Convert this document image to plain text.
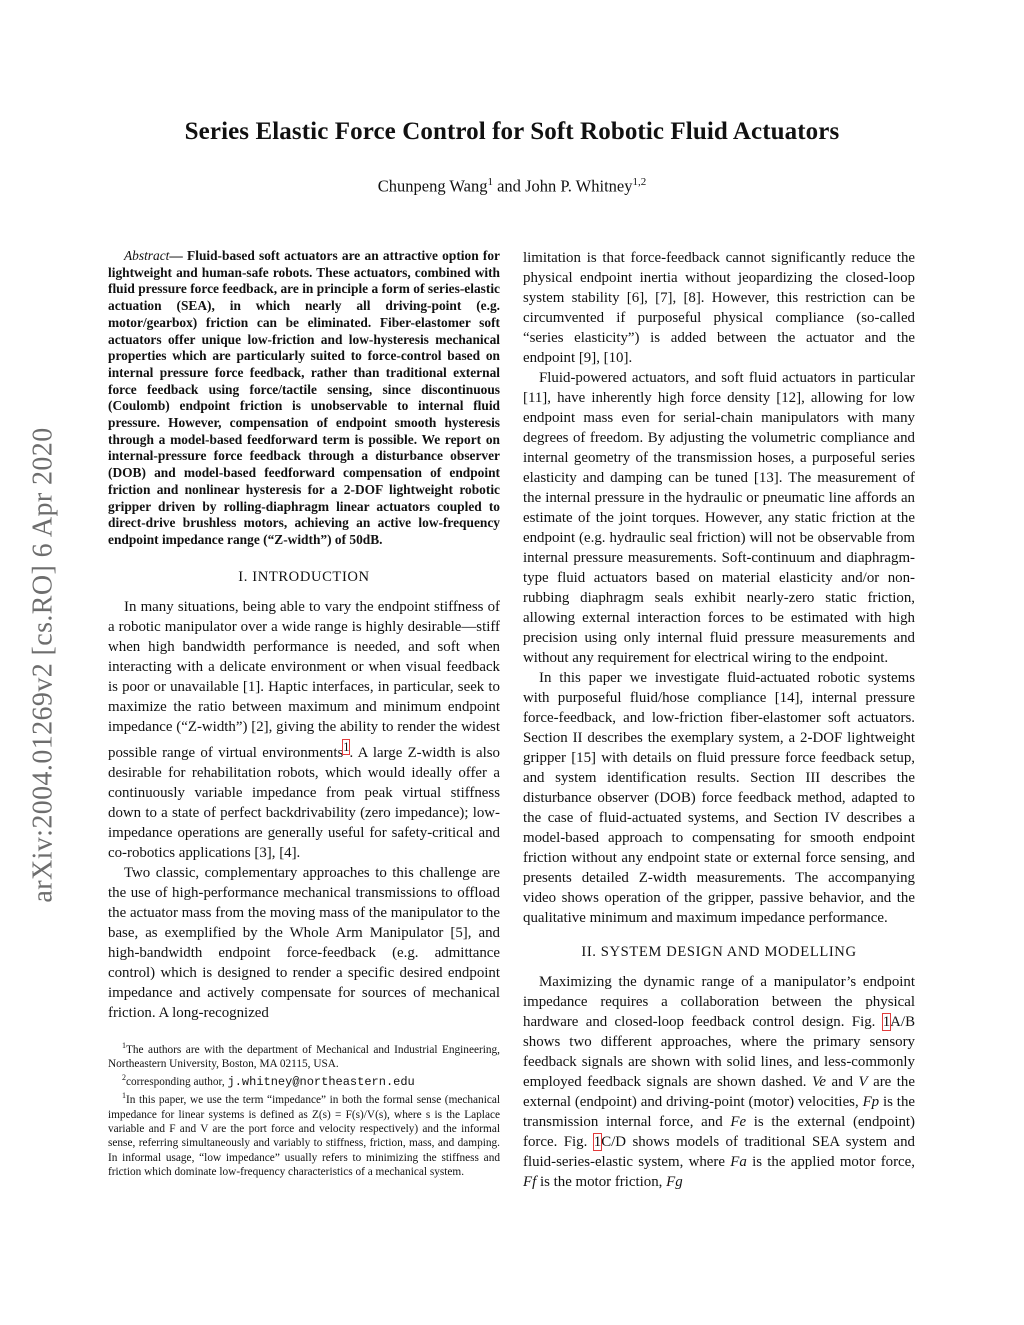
arXiv:2004.01269v2 [cs.RO] 6 Apr 2020
Series Elastic Force Control for Soft Robotic Fluid Actuators
Chunpeng Wang$^1$ and John P. Whitney$^{1,2}$

Abstract— Fluid-based soft actuators are an attractive option for lightweight and human-safe robots. These actuators, combined with fluid pressure force feedback, are in principle a form of series-elastic actuation (SEA), in which nearly all driving-point (e.g. motor/gearbox) friction can be eliminated. Fiber-elastomer soft actuators offer unique low-friction and low-hysteresis mechanical properties which are particularly suited to force-control based on internal pressure force feedback, rather than traditional external force feedback using force/tactile sensing, since discontinuous (Coulomb) endpoint friction is unobservable to internal fluid pressure. However, compensation of endpoint smooth hysteresis through a model-based feedforward term is possible. We report on internal-pressure force feedback through a disturbance observer (DOB) and model-based feedforward compensation of endpoint friction and nonlinear hysteresis for a 2-DOF lightweight robotic gripper driven by rolling-diaphragm linear actuators coupled to direct-drive brushless motors, achieving an active low-frequency endpoint impedance range (“Z-width”) of 50dB.

I. INTRODUCTION

In many situations, being able to vary the endpoint stiffness of a robotic manipulator over a wide range is highly desirable—stiff when high bandwidth performance is needed, and soft when interacting with a delicate environment or when visual feedback is poor or unavailable [1]. Haptic interfaces, in particular, seek to maximize the ratio between maximum and minimum endpoint impedance (“Z-width”) [2], giving the ability to render the widest possible range of virtual environments$^1$. A large Z-width is also desirable for rehabilitation robots, which would ideally offer a continuously variable impedance from peak virtual stiffness down to a state of perfect backdrivability (zero impedance); low-impedance operations are generally useful for safety-critical and co-robotics applications [3], [4].

Two classic, complementary approaches to this challenge are the use of high-performance mechanical transmissions to offload the actuator mass from the moving mass of the manipulator to the base, as exemplified by the Whole Arm Manipulator [5], and high-bandwidth endpoint force-feedback (e.g. admittance control) which is designed to render a specific desired endpoint impedance and actively compensate for sources of mechanical friction. A long-recognized

$^1$The authors are with the department of Mechanical and Industrial Engineering, Northeastern University, Boston, MA 02115, USA.

$^2$corresponding author, j.whitney@northeastern.edu

$^1$In this paper, we use the term “impedance” in both the formal sense (mechanical impedance for linear systems is defined as Z(s) = F(s)/V(s), where s is the Laplace variable and F and V are the port force and velocity respectively) and the informal sense, referring simultaneously and variably to stiffness, friction, mass, and damping. In informal usage, “low impedance” usually refers to minimizing the stiffness and friction which dominate low-frequency characteristics of a mechanical system.

limitation is that force-feedback cannot significantly reduce the physical endpoint inertia without jeopardizing the closed-loop system stability [6], [7], [8]. However, this restriction can be circumvented if purposeful physical compliance (so-called “series elasticity”) is added between the actuator and the endpoint [9], [10].

Fluid-powered actuators, and soft fluid actuators in particular [11], have inherently high force density [12], allowing for low endpoint mass even for serial-chain manipulators with many degrees of freedom. By adjusting the volumetric compliance and internal geometry of the transmission hoses, a purposeful series elasticity and damping can be tuned [13]. The measurement of the internal pressure in the hydraulic or pneumatic line affords an estimate of the joint torques. However, any static friction at the endpoint (e.g. hydraulic seal friction) will not be observable from internal pressure measurements. Soft-continuum and diaphragm-type fluid actuators based on material elasticity and/or non-rubbing diaphragm seals exhibit nearly-zero static friction, allowing external interaction forces to be estimated with high precision using only internal fluid pressure measurements and without any requirement for electrical wiring to the endpoint.

In this paper we investigate fluid-actuated robotic systems with purposeful fluid/hose compliance [14], internal pressure force-feedback, and low-friction fiber-elastomer soft actuators. Section II describes the exemplary system, a 2-DOF lightweight gripper [15] with details on fluid pressure force feedback setup, and system identification results. Section III describes the disturbance observer (DOB) force feedback method, adapted to the case of fluid-actuated systems, and Section IV describes a model-based approach to compensating for smooth endpoint friction without any endpoint state or external force sensing, and presents detailed Z-width measurements. The accompanying video shows operation of the gripper, passive behavior, and the qualitative minimum and maximum impedance performance.

II. SYSTEM DESIGN AND MODELLING

Maximizing the dynamic range of a manipulator’s endpoint impedance requires a collaboration between the physical hardware and closed-loop feedback control design. Fig. 1A/B shows two different approaches, where the primary sensory feedback signals are shown with solid lines, and less-commonly employed feedback signals are shown dashed. Ve and V are the external (endpoint) and driving-point (motor) velocities, Fp is the transmission internal force, and Fe is the external (endpoint) force. Fig. 1C/D shows models of traditional SEA system and fluid-series-elastic system, where Fa is the applied motor force, Ff is the motor friction, Fg
